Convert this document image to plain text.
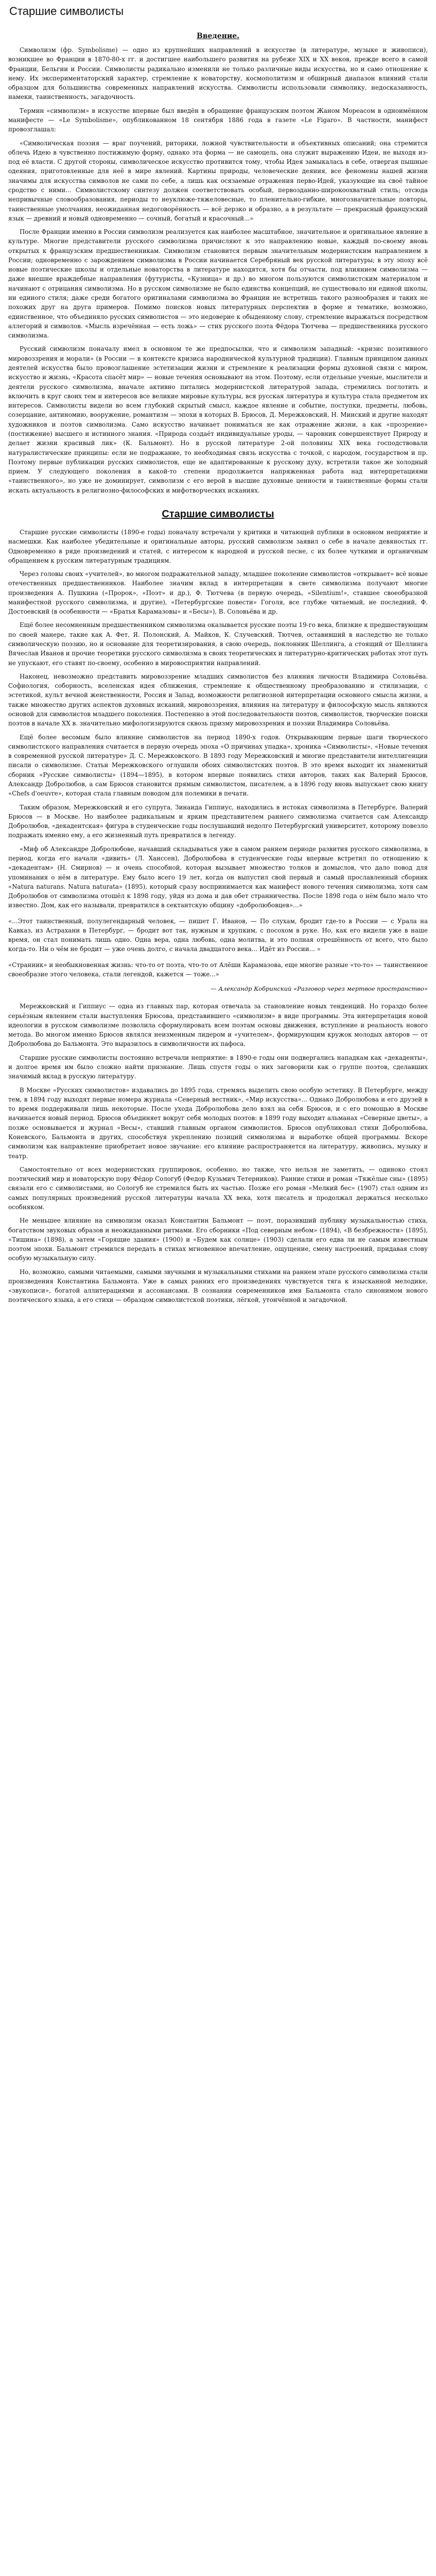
Старшие символисты
Введение.

Символизм (фр. Symbolisme) — одно из крупнейших направлений в искусстве (в литературе, музыке и живописи), возникшее во Франции в 1870-80-х гг. и достигшее наибольшего развития на рубеже XIX и XX веков, прежде всего в самой Франции, Бельгии и России. Символисты радикально изменили не только различные виды искусства, но и само отношение к нему. Их экспериментаторский характер, стремление к новаторству, космополитизм и обширный диапазон влияний стали образцом для большинства современных направлений искусства. Символисты использовали символику, недосказанность, намеки, таинственность, загадочность.

Термин «символизм» в искусстве впервые был введён в обращение французским поэтом Жаном Мореасом в одноимённом манифесте — «Le Symbolisme», опубликованном 18 сентября 1886 года в газете «Le Figaro». В частности, манифест провозглашал:

«Символическая поэзия — враг поучений, риторики, ложной чувствительности и объективных описаний; она стремится облечь Идею в чувственно постижимую форму, однако эта форма — не самоцель, она служит выражению Идеи, не выходя из-под её власти. С другой стороны, символическое искусство противится тому, чтобы Идея замыкалась в себе, отвергая пышные одеяния, приготовленные для неё в мире явлений. Картины природы, человеческие деяния, все феномены нашей жизни значимы для искусства символов не сами по себе, а лишь как осязаемые отражения перво-Идей, указующие на своё тайное сродство с ними... Символистскому синтезу должен соответствовать особый, первозданно-широкоохватный стиль; отсюда непривычные словообразования, периоды то неуклюже-тяжеловесные, то пленительно-гибкие, многозначительные повторы, таинственные умолчания, неожиданная недоговорённость — всё дерзко и образно, а в результате — прекрасный французский язык — древний и новый одновременно — сочный, богатый и красочный...»

После Франции именно в России символизм реализуется как наиболее масштабное, значительное и оригинальное явление в культуре. Многие представители русского символизма причисляют к это направлению новые, каждый по-своему вновь открытых к французским предшественникам. Символизм становится первым значительным модернистским направлением в России; одновременно с зарождением символизма в России начинается Серебряный век русской литературы; в эту эпоху всё новые поэтические школы и отдельные новаторства в литературе находятся, хотя бы отчасти, под влиянием символизма — даже внешне враждебные направления (футуристы, «Кузница» и др.) во многом пользуются символистским материалом и начинают с отрицания символизма. Но в русском символизме не было единства концепций, не существовало ни единой школы, ни единого стиля; даже среди богатого оригиналами символизма во Франции не встретишь такого разнообразия и таких не похожих друг на друга примеров. Помимо поисков новых литературных перспектив в форме и тематике, возможно, единственное, что объединяло русских символистов — это недоверие к обыденному слову, стремление выражаться посредством аллегорий и символов. «Мысль изречённая — есть ложь» — стих русского поэта Фёдора Тютчева — предшественника русского символизма.

Русский символизм поначалу имел в основном те же предпосылки, что и символизм западный: «кризис позитивного мировоззрения и морали» (в России — в контексте кризиса народнической культурной традиции). Главным принципом данных деятелей искусства было провозглашение эстетизации жизни и стремление к реализации формы духовной связи с миром, искусство и жизнь, «Красота спасёт мир» — новые течения основывают на этом. Поэтому, если отдельные ученые, мыслители и деятели русского символизма, вначале активно питались модернистской литературой запада, стремились поглотить и включить в круг своих тем и интересов все великие мировые культуры, вся русская литература и культура стала предметом их интересов. Символисты видели во всем глубокий скрытый смысл, каждое явление и событие, поступки, предметы, любовь, созерцание, антиномию, вооружение, романтизм — эпохи в которых В. Брюсов, Д. Мережковский, Н. Минский и другие находят художников и поэтов символизма. Само искусство начинает пониматься не как отражение жизни, а как «прозрение» (постижение) высшего и истинного знания. «Природа создаёт индивидуальные уроды, — чаровник совершенствует Природу и делает жизни красивый лик» (К. Бальмонт). Но в русской литературе 2-ой половины XIX века господствовали натуралистические принципы: если не подражание, то необходимая связь искусства с точкой, с народом, государством и пр. Поэтому первые публикации русских символистов, еще не адаптированные к русскому духу, встретили такое же холодный прием. У следующего поколения в какой-то степени продолжается напряженная работа над интерпретациями «таинственного», но уже не доминирует, символизм с его верой в высшие духовные ценности и таинственные формы стали искать актуальность в религиозно-философских и мифотворческих исканиях.

Старшие символисты

Старшие русские символисты (1890-е годы) поначалу встречали у критики и читающей публики в основном неприятие и насмешки. Как наиболее убедительные и оригинальные авторы, русский символизм заявил о себе в начале девяностых гг. Одновременно в ряде произведений и статей, с интересом к народной и русской песне, с их более чуткими и органичным обращением к русским литературным традициям.

Через головы своих «учителей», во многом подражательной западу, младшее поколение символистов «открывает» всё новые отечественных предшественников. Наиболее значим вклад в интерпретации в свете символизма получают многие произведения А. Пушкина («Пророк», «Поэт» и др.), Ф. Тютчева (в первую очередь, «Silentium!», ставшее своеобразной манифестной русского символизма, и другие), «Петербургские повести» Гоголя, все глубже читаемый, не последний, Ф. Достоевский (в особенности — «Братья Карамазовы» и «Бесы»), В. Соловьёва и др.

Ещё более несомненным предшественником символизма оказывается русские поэты 19-го века, близкие к предшествующим по своей манере, такие как А. Фет, Я. Полонский, А. Майков, К. Случевский. Тютчев, оставивший в наследство не только символическую поэзию, но и основание для теоретизирования, в свою очередь, поклонник Шеллинга, а стоящий от Шеллинга Вячеслав Иванов и прочие теоретики русского символизма в своих теоретических и литературно-критических работах этот путь не упускают, его ставят по-своему, особенно в мировосприятии направлений.

Наконец, невозможно представить мировоззрение младших символистов без влияния личности Владимира Соловьёва. Софиология, соборность, вселенская идея сближения, стремление к общественному преобразованию и стилизации, с эстетикой, культ вечной женственности, Россия и Запад, возможности религиозной интерпретации основного смысла жизни, а также множество других аспектов духовных исканий, мировоззрения, влияния на литературу и философскую мысль являются основой для символистов младшего поколения. Постепенно в этой последовательности поэтов, символистов, творческие поиски поэтов в начале XX в. значительно мифологизируются сквозь призму мировоззрения и поэзии Владимира Соловьёва.

Ещё более весомым было влияние символистов на период 1890-х годов. Открывающим первые шаги творческого символистского направления считается в первую очередь эпоха «О причинах упадка», хроника «Символисты», «Новые течения в современной русской литературе» Д. С. Мережковского. В 1893 году Мережковский и многие представители интеллигенции писали о символизме. Статьи Мережковского оглушили обоих символистских поэтов. В это время выходит их знаменитый сборник «Русские символисты» (1894—1895), в котором впервые появились стихи авторов, таких как Валерий Брюсов, Александр Добролюбов, а сам Брюсов становится прямым символистом, писателем, а в 1896 году вновь выпускает свою книгу «Chefs d'oeuvre», которая стала главным поводом для полемики в печати.

Таким образом, Мережковский и его супруга, Зинаида Гиппиус, находились в истоках символизма в Петербурге, Валерий Брюсов — в Москве. Но наиболее радикальным и ярким представителем раннего символизма считается сам Александр Добролюбов, «декадентская» фигура в студенческие годы послушавший недолго Петербургский университет, которому повезло подражать именно ему, а его жизненный путь превратился в легенду.

«Миф об Александре Добролюбове, начавший складываться уже в самом раннем периоде развития русского символизма, в период, когда его начали «дивить» (Л. Ханссен), Добролюбова в студенческие годы впервые встретил по отношению к «декадентам» (Н. Смирнов) — и очень способной, которая вызывает множество толков и домыслов, что дало повод для упоминания о нём в литературе. Ему было всего 19 лет, когда он выпустил свой первый и самый прославленный сборник «Natura naturans. Natura naturata» (1895), который сразу воспринимается как манифест нового течения символизма, хотя сам Добролюбов от символизма отошёл к 1898 году, уйдя из дома и дав обет странничества. После 1898 года о нём было мало что известно. Дом, как его называли, превратился в сектантскую общину «добролюбовцев»...»

«...Этот таинственный, полулегендарный человек, — пишет Г. Иванов, — По слухам, бродит где-то в России — с Урала на Кавказ, из Астрахани в Петербург, — бродит вот так, нужным и хрупким, с посохом в руке. Но, как его видели уже в наше время, он стал понимать лишь одно. Одна вера, одна любовь, одна молитва, и это полная отрешённость от всего, что было когда-то. Ни о чём не бродит — уже очень долго, с начала двадцатого века... Идёт из России... »
«Странник» и необыкновенная жизнь: что-то от поэта, что-то от Алёши Карамазова, еще многие разные «то-то» — таинственное своеобразие этого человека, стали легендой, кажется — тоже...»
— Александр Кобринский «Разговор через мертвое пространство»

Мережковский и Гиппиус — одна из главных пар, которая отвечала за становление новых тенденций. Но гораздо более серьёзным явлением стали выступления Брюсова, представившего «символизм» в виде программы. Эта интерпретация новой идеологии в русском символизме позволила сформулировать всем поэтам основы движения, вступление и реальность нового метода. Во многом именно Брюсов являлся неизменным лидером и «учителем», формирующим кружок молодых авторов — от Добролюбова до Бальмонта. Это выразилось в символичности их пафоса.

Старшие русские символисты постоянно встречали неприятие: в 1890-е годы они подвергались нападкам как «декаденты», и долгое время им было сложно найти признание. Лишь спустя годы о них заговорили как о группе поэтов, сделавших значимый вклад в русскую литературу.

В Москве «Русских символистов» издавались до 1895 года, стремясь выделить свою особую эстетику. В Петербурге, между тем, в 1894 году выходят первые номера журнала «Северный вестник», «Мир искусства»... Однако Добролюбова и его друзей в то время поддерживали лишь некоторые. После ухода Добролюбова дело взял на себя Брюсов, и с его помощью в Москве начинается новый период. Брюсов объединяет вокруг себя молодых поэтов: в 1899 году выходит альманах «Северные цветы», а позже основывается и журнал «Весы», ставший главным органом символистов. Брюсов опубликовал стихи Добролюбова, Коневского, Бальмонта и других, способствуя укреплению позиций символизма и выработке общей программы. Вскоре символизм как направление приобретает новое звучание: его влияние распространяется на литературу, живопись, музыку и театр.

Самостоятельно от всех модернистских группировок, особенно, но также, что нельзя не заметить, — одиноко стоял поэтический мир и новаторскую пору Фёдор Сологуб (Федор Кузьмич Тетерников). Ранние стихи и роман «Тяжёлые сны» (1895) связали его с символистами, но Сологуб не стремился быть их частью. Позже его роман «Мелкий бес» (1907) стал одним из самых популярных произведений русской литературы начала XX века, хотя писатель и продолжал держаться несколько особняком.

Не меньшее влияние на символизм оказал Константин Бальмонт — поэт, поразивший публику музыкальностью стиха, богатством звуковых образов и неожиданными ритмами. Его сборники «Под северным небом» (1894), «В безбрежности» (1895), «Тишина» (1898), а затем «Горящие здания» (1900) и «Будем как солнце» (1903) сделали его едва ли не самым известным поэтом эпохи. Бальмонт стремился передать в стихах мгновенное впечатление, ощущение, смену настроений, придавая слову особую музыкальную силу.

Но, возможно, самыми читаемыми, самыми звучными и музыкальными стихами на раннем этапе русского символизма стали произведения Константина Бальмонта. Уже в самых ранних его произведениях чувствуется тяга к изысканной мелодике, «звукописи», богатой аллитерациями и ассонансами. В сознании современников имя Бальмонта стало синонимом нового поэтического языка, а его стихи — образцом символистской поэтики, лёгкой, утончённой и загадочной.
